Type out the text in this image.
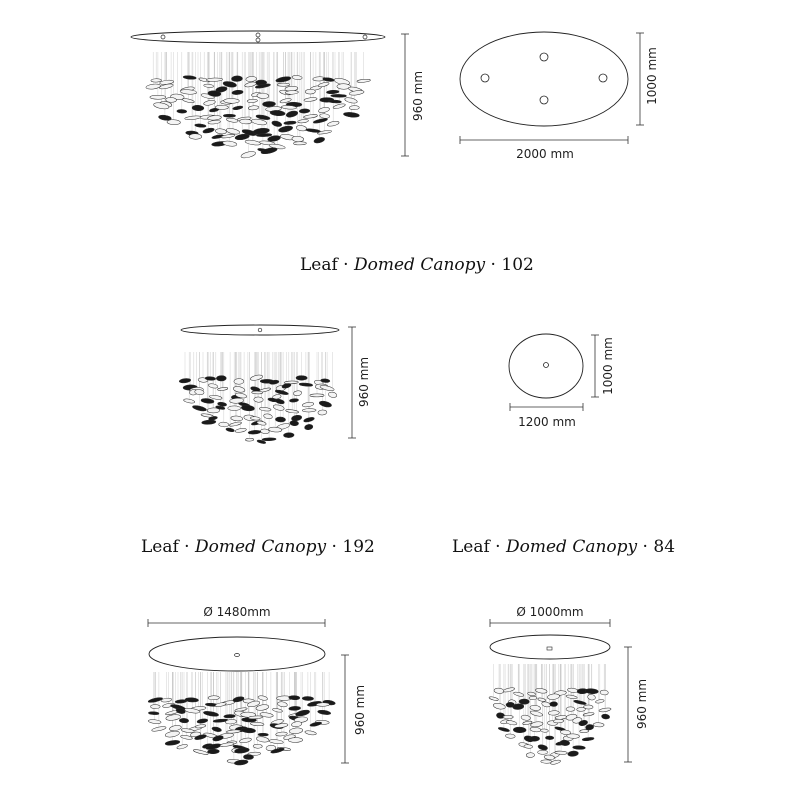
960 mm
2000 mm
1000 mm
960 mm
1200 mm
1000 mm
Ø 1480mm
960 mm
Ø 1000mm
960 mm
Leaf · Domed Canopy · 102
Leaf · Domed Canopy · 192	Leaf · Domed Canopy · 84
